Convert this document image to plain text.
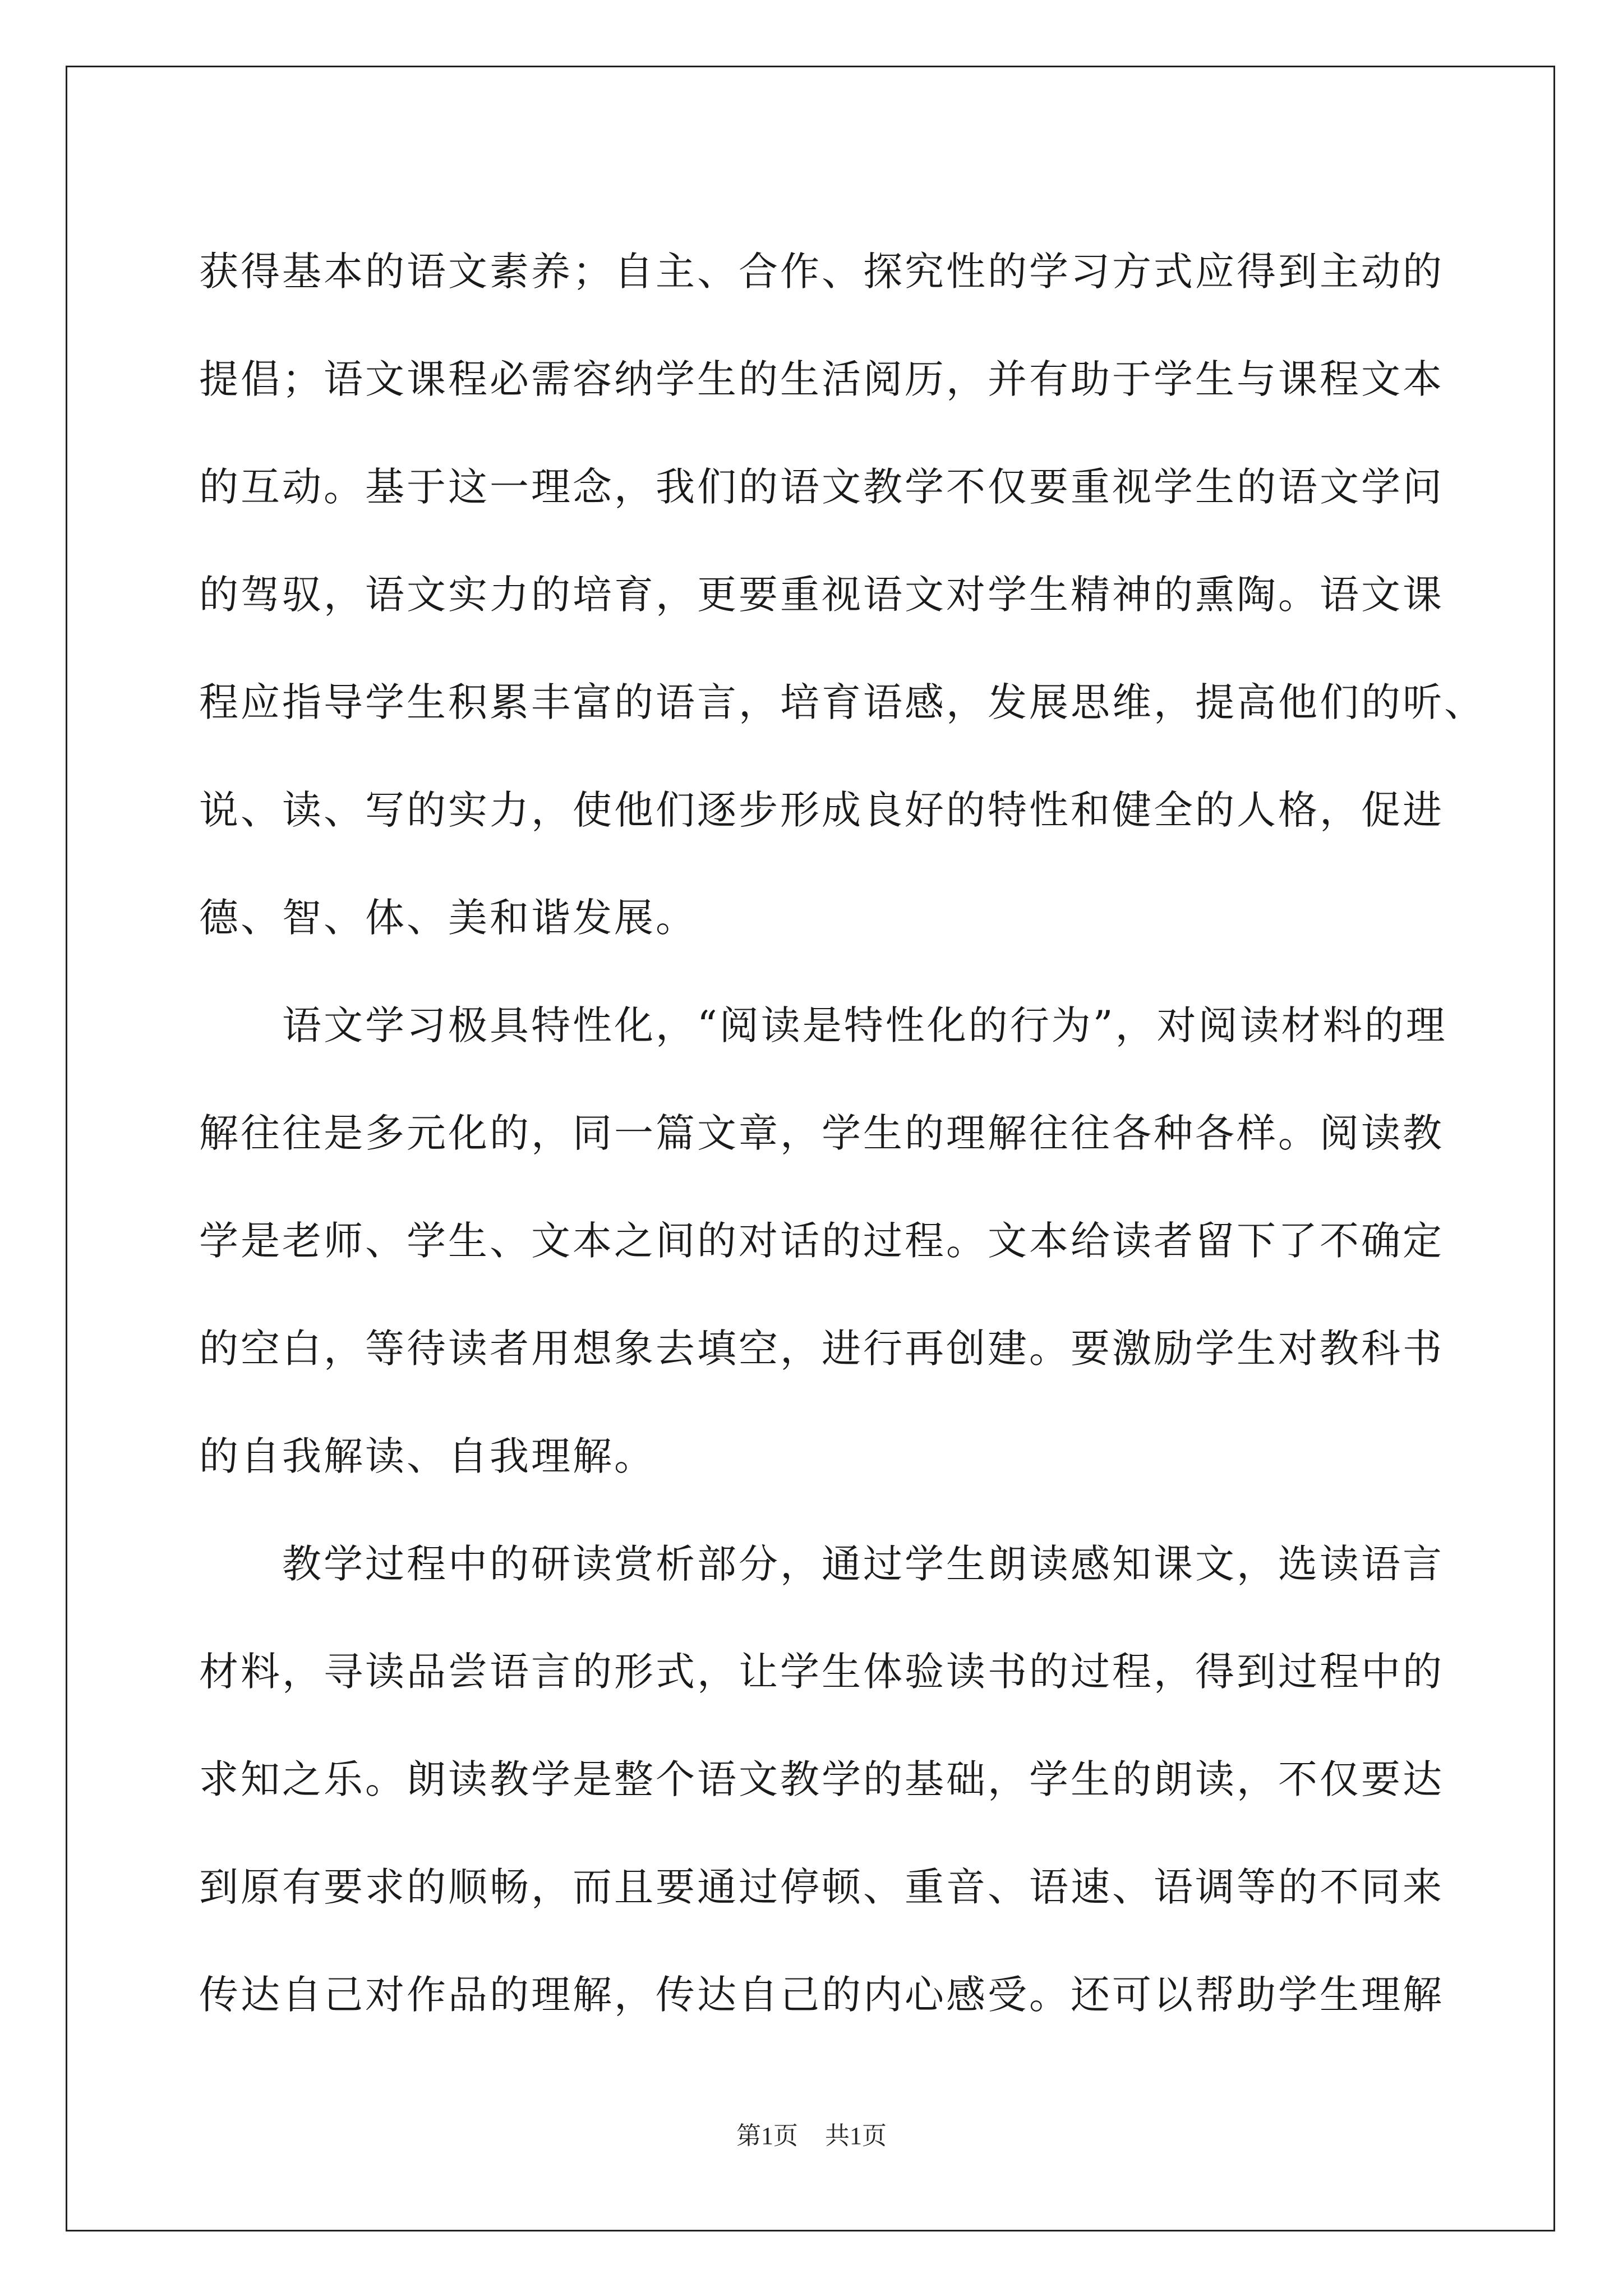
获得基本的语文素养；自主、合作、探究性的学习方式应得到主动的
提倡；语文课程必需容纳学生的生活阅历，并有助于学生与课程文本
的互动。基于这一理念，我们的语文教学不仅要重视学生的语文学问
的驾驭，语文实力的培育，更要重视语文对学生精神的熏陶。语文课
程应指导学生积累丰富的语言，培育语感，发展思维，提高他们的听、
说、读、写的实力，使他们逐步形成良好的特性和健全的人格，促进
德、智、体、美和谐发展。
　　语文学习极具特性化，“阅读是特性化的行为”，对阅读材料的理
解往往是多元化的，同一篇文章，学生的理解往往各种各样。阅读教
学是老师、学生、文本之间的对话的过程。文本给读者留下了不确定
的空白，等待读者用想象去填空，进行再创建。要激励学生对教科书
的自我解读、自我理解。
　　教学过程中的研读赏析部分，通过学生朗读感知课文，选读语言
材料，寻读品尝语言的形式，让学生体验读书的过程，得到过程中的
求知之乐。朗读教学是整个语文教学的基础，学生的朗读，不仅要达
到原有要求的顺畅，而且要通过停顿、重音、语速、语调等的不同来
传达自己对作品的理解，传达自己的内心感受。还可以帮助学生理解
第1页 共1页
